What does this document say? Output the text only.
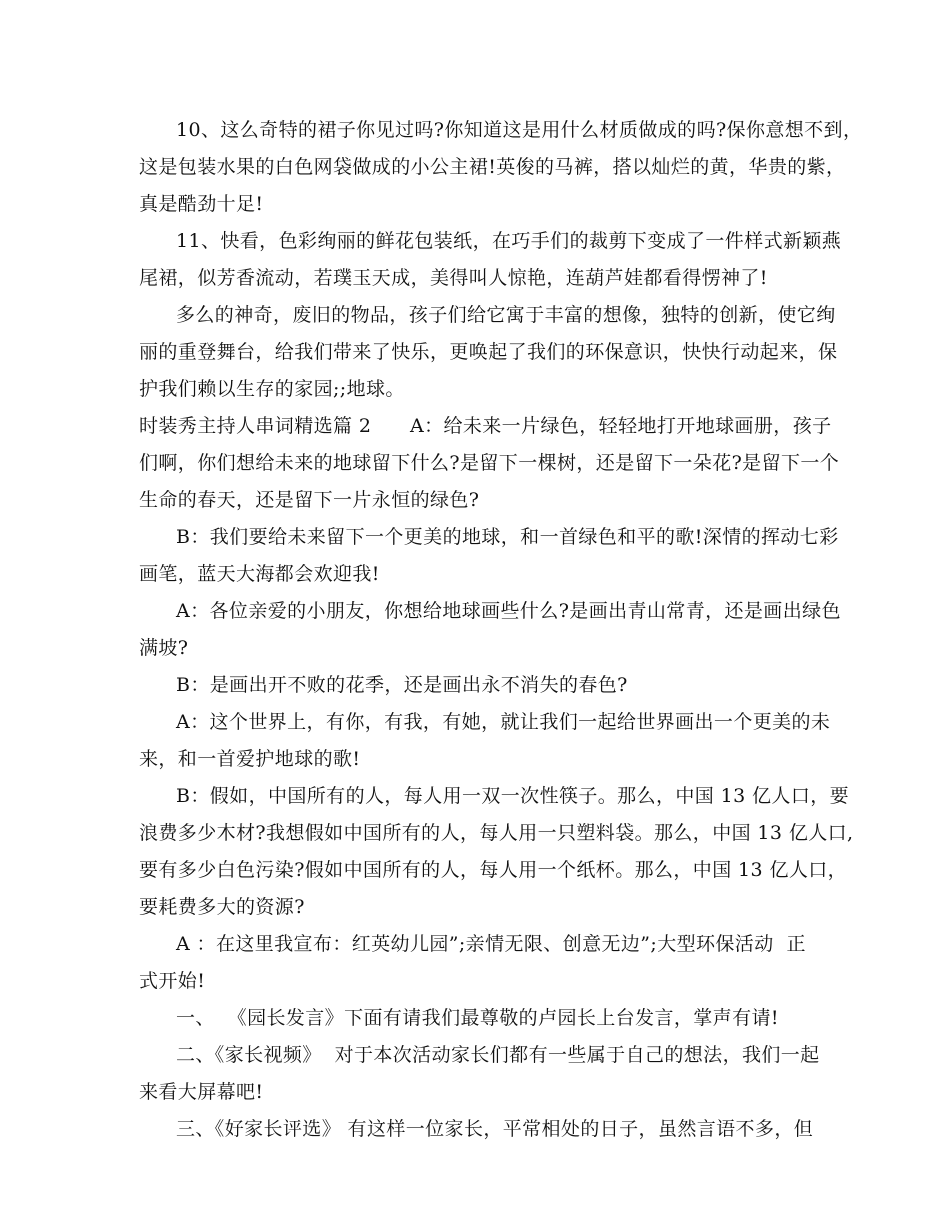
10、这么奇特的裙子你见过吗?你知道这是用什么材质做成的吗?保你意想不到，
这是包装水果的白色网袋做成的小公主裙!英俊的马裤，搭以灿烂的黄，华贵的紫，
真是酷劲十足!
11、快看，色彩绚丽的鲜花包装纸，在巧手们的裁剪下变成了一件样式新颖燕
尾裙，似芳香流动，若璞玉天成，美得叫人惊艳，连葫芦娃都看得愣神了!
多么的神奇，废旧的物品，孩子们给它寓于丰富的想像，独特的创新，使它绚
丽的重登舞台，给我们带来了快乐，更唤起了我们的环保意识，快快行动起来，保
护我们赖以生存的家园;;地球。
时装秀主持人串词精选篇 2      A：给未来一片绿色，轻轻地打开地球画册，孩子
们啊，你们想给未来的地球留下什么?是留下一棵树，还是留下一朵花?是留下一个
生命的春天，还是留下一片永恒的绿色?
B：我们要给未来留下一个更美的地球，和一首绿色和平的歌!深情的挥动七彩
画笔，蓝天大海都会欢迎我!
A：各位亲爱的小朋友，你想给地球画些什么?是画出青山常青，还是画出绿色
满坡?
B：是画出开不败的花季，还是画出永不消失的春色?
A：这个世界上，有你，有我，有她，就让我们一起给世界画出一个更美的未
来，和一首爱护地球的歌!
B：假如，中国所有的人，每人用一双一次性筷子。那么，中国 13 亿人口，要
浪费多少木材?我想假如中国所有的人，每人用一只塑料袋。那么，中国 13 亿人口,
要有多少白色污染?假如中国所有的人，每人用一个纸杯。那么，中国 13 亿人口，
要耗费多大的资源?
A ：在这里我宣布：红英幼儿园”;亲情无限、创意无边”;大型环保活动  正
式开始!
一、  《园长发言》下面有请我们最尊敬的卢园长上台发言，掌声有请!
二、《家长视频》  对于本次活动家长们都有一些属于自己的想法，我们一起
来看大屏幕吧!
三、《好家长评选》 有这样一位家长，平常相处的日子，虽然言语不多，但
